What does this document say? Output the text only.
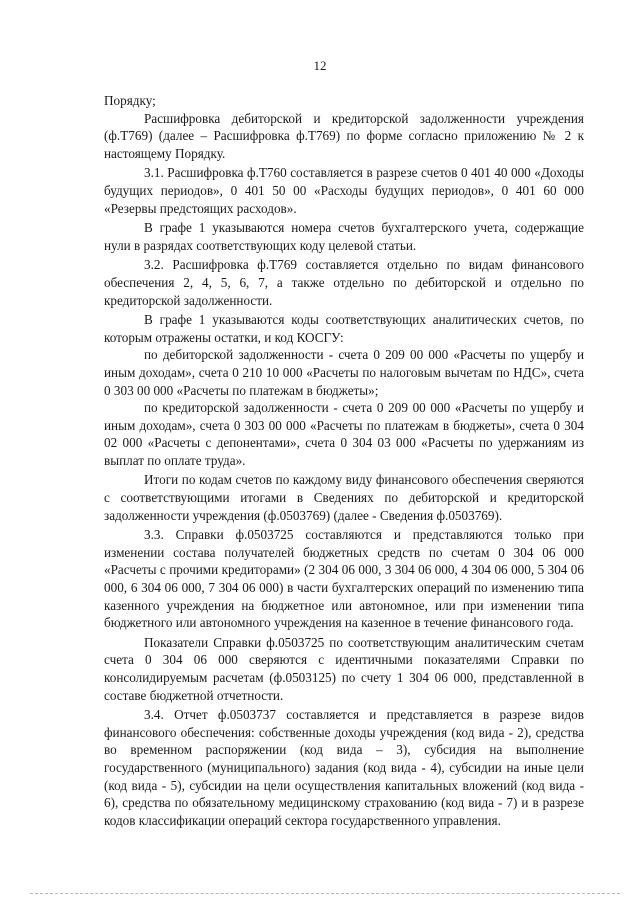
12

Порядку;

Расшифровка дебиторской и кредиторской задолженности учреждения (ф.Т769) (далее – Расшифровка ф.Т769) по форме согласно приложению № 2 к настоящему Порядку.

3.1. Расшифровка ф.Т760 составляется в разрезе счетов 0 401 40 000 «Доходы будущих периодов», 0 401 50 00 «Расходы будущих периодов», 0 401 60 000 «Резервы предстоящих расходов».

В графе 1 указываются номера счетов бухгалтерского учета, содержащие нули в разрядах соответствующих коду целевой статьи.

3.2. Расшифровка ф.Т769 составляется отдельно по видам финансового обеспечения 2, 4, 5, 6, 7, а также отдельно по дебиторской и отдельно по кредиторской задолженности.

В графе 1 указываются коды соответствующих аналитических счетов, по которым отражены остатки, и код КОСГУ:

по дебиторской задолженности - счета 0 209 00 000 «Расчеты по ущербу и иным доходам», счета 0 210 10 000 «Расчеты по налоговым вычетам по НДС», счета 0 303 00 000 «Расчеты по платежам в бюджеты»;

по кредиторской задолженности - счета 0 209 00 000 «Расчеты по ущербу и иным доходам», счета 0 303 00 000 «Расчеты по платежам в бюджеты», счета 0 304 02 000 «Расчеты с депонентами», счета 0 304 03 000 «Расчеты по удержаниям из выплат по оплате труда».

Итоги по кодам счетов по каждому виду финансового обеспечения сверяются с соответствующими итогами в Сведениях по дебиторской и кредиторской задолженности учреждения (ф.0503769) (далее - Сведения ф.0503769).

3.3. Справки ф.0503725 составляются и представляются только при изменении состава получателей бюджетных средств по счетам 0 304 06 000 «Расчеты с прочими кредиторами» (2 304 06 000, 3 304 06 000, 4 304 06 000, 5 304 06 000, 6 304 06 000, 7 304 06 000) в части бухгалтерских операций по изменению типа казенного учреждения на бюджетное или автономное, или при изменении типа бюджетного или автономного учреждения на казенное в течение финансового года.

Показатели Справки ф.0503725 по соответствующим аналитическим счетам счета 0 304 06 000 сверяются с идентичными показателями Справки по консолидируемым расчетам (ф.0503125) по счету 1 304 06 000, представленной в составе бюджетной отчетности.

3.4. Отчет ф.0503737 составляется и представляется в разрезе видов финансового обеспечения: собственные доходы учреждения (код вида - 2), средства во временном распоряжении (код вида – 3), субсидия на выполнение государственного (муниципального) задания (код вида - 4), субсидии на иные цели (код вида - 5), субсидии на цели осуществления капитальных вложений (код вида - 6), средства по обязательному медицинскому страхованию (код вида - 7) и в разрезе кодов классификации операций сектора государственного управления.
